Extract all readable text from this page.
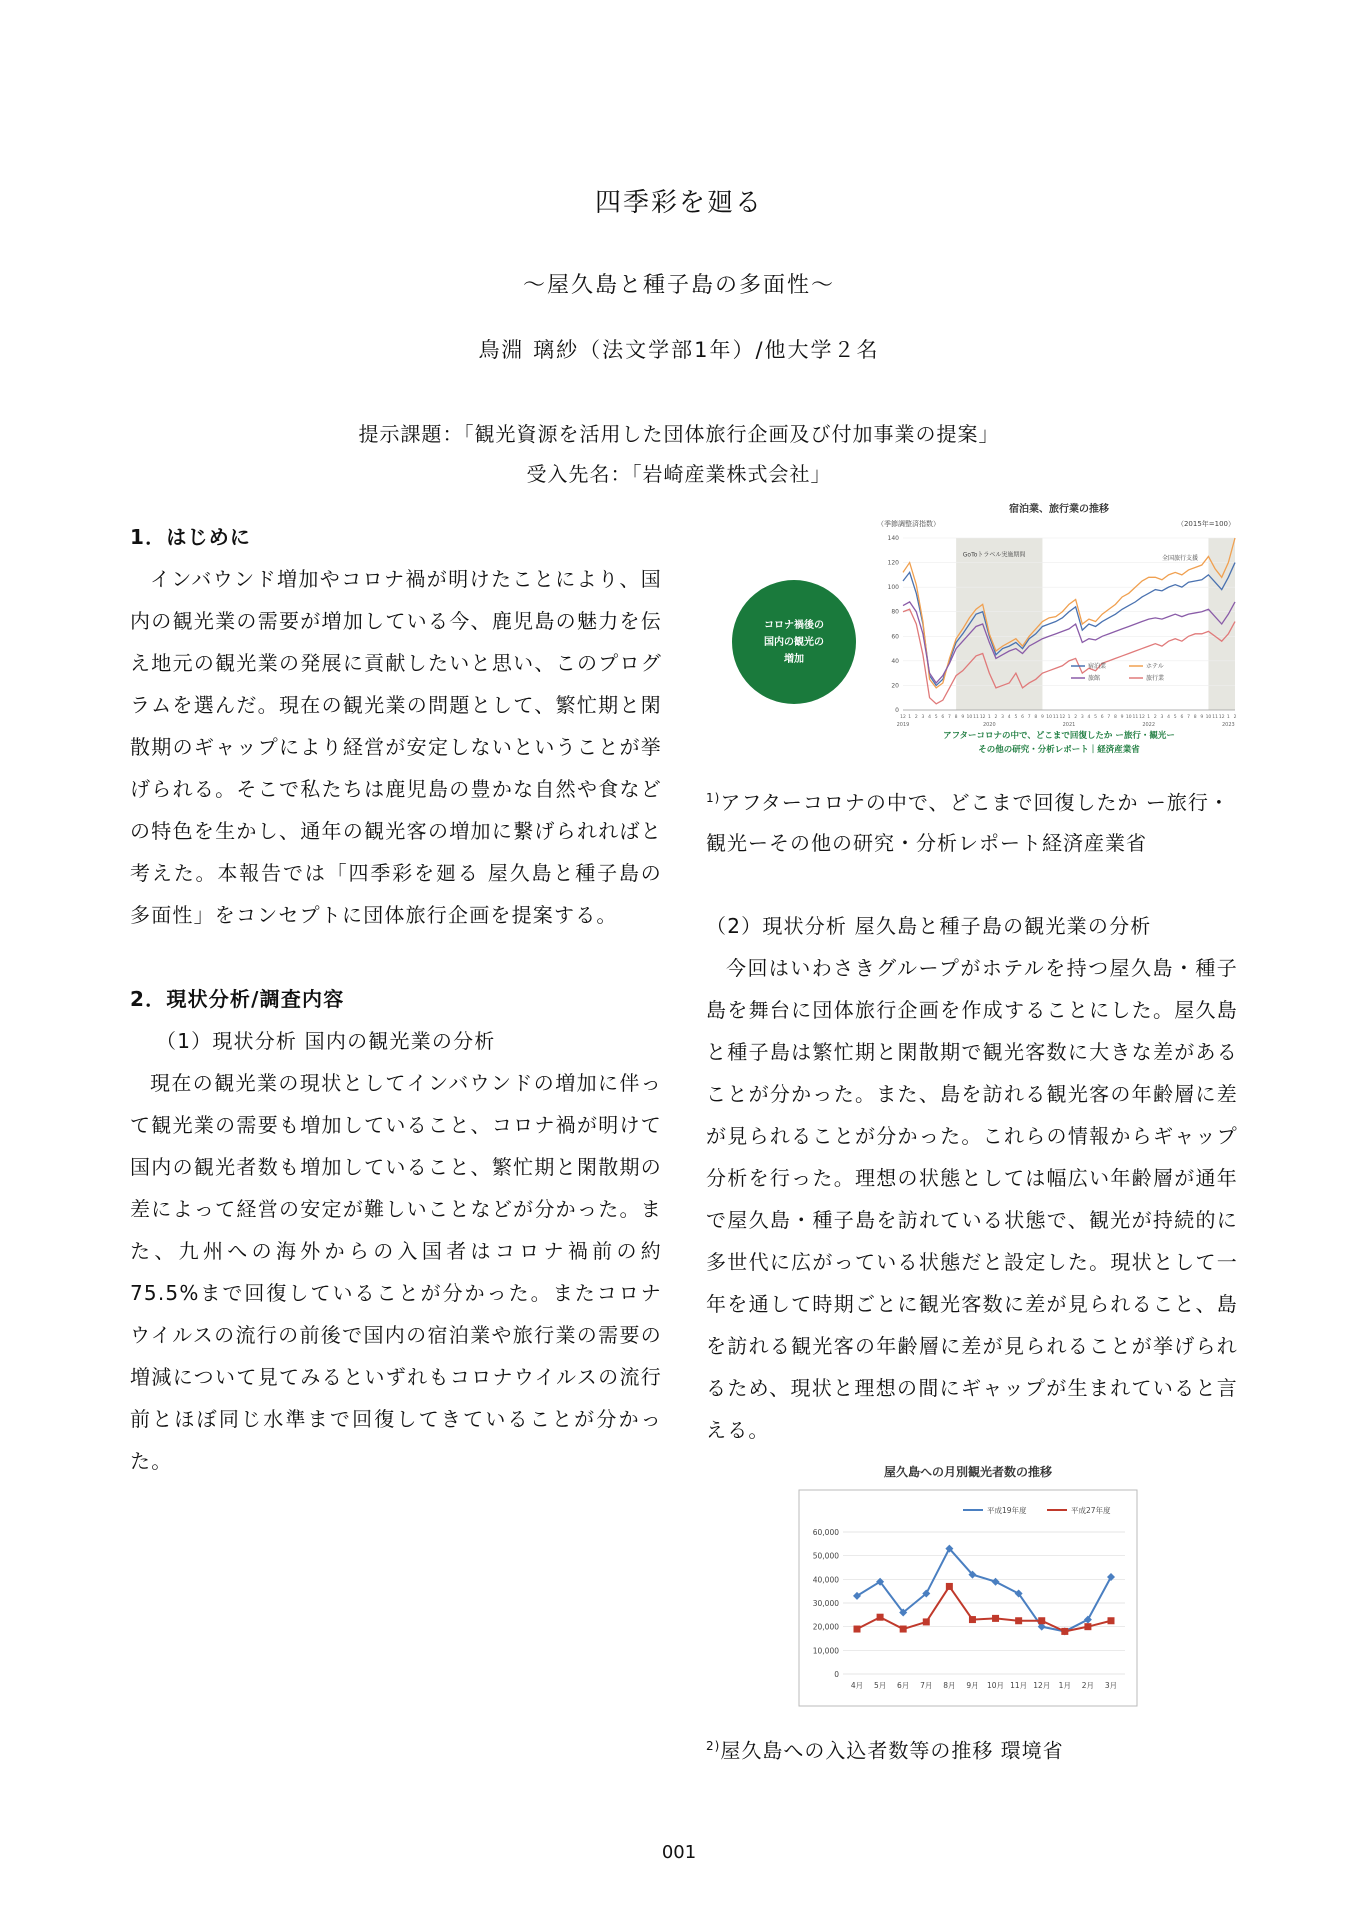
四季彩を廻る
〜屋久島と種子島の多面性〜
鳥淵 璃紗（法文学部1年）/他大学２名
提示課題：「観光資源を活用した団体旅行企画及び付加事業の提案」
受入先名：「岩崎産業株式会社」
1．はじめに
インバウンド増加やコロナ禍が明けたことにより、国内の観光業の需要が増加している今、鹿児島の魅力を伝え地元の観光業の発展に貢献したいと思い、このプログラムを選んだ。現在の観光業の問題として、繁忙期と閑散期のギャップにより経営が安定しないということが挙げられる。そこで私たちは鹿児島の豊かな自然や食などの特色を生かし、通年の観光客の増加に繋げられればと考えた。本報告では「四季彩を廻る 屋久島と種子島の多面性」をコンセプトに団体旅行企画を提案する。
2．現状分析/調査内容
（1）現状分析 国内の観光業の分析
現在の観光業の現状としてインバウンドの増加に伴って観光業の需要も増加していること、コロナ禍が明けて国内の観光者数も増加していること、繁忙期と閑散期の差によって経営の安定が難しいことなどが分かった。また、九州への海外からの入国者はコロナ禍前の約 75.5%まで回復していることが分かった。またコロナウイルスの流行の前後で国内の宿泊業や旅行業の需要の増減について見てみるといずれもコロナウイルスの流行前とほぼ同じ水準まで回復してきていることが分かった。
コロナ禍後の
国内の観光の
増加
宿泊業、旅行業の推移
（季節調整済指数）	（2015年=100）
GoToトラベル実施期間
全国旅行支援
0
20
40
60
80
100
120
140
12 1 2 3 4 5 6 7 8 9 10 11 12 1 2 3 4 5 6 7 8 9 10 11 12 1 2 3 4 5 6 7 8 9 10 11 12 1 2 3 4 5 6 7 8 9 10 11 12 1 2
2019	2020	2021	2022	2023
宿泊業	ホテル
旅館	旅行業
アフターコロナの中で、どこまで回復したか ー旅行・観光ー
その他の研究・分析レポート｜経済産業省
$^{1)}$アフターコロナの中で、どこまで回復したか ー旅行・観光ーその他の研究・分析レポート経済産業省
（2）現状分析 屋久島と種子島の観光業の分析
今回はいわさきグループがホテルを持つ屋久島・種子島を舞台に団体旅行企画を作成することにした。屋久島と種子島は繁忙期と閑散期で観光客数に大きな差があることが分かった。また、島を訪れる観光客の年齢層に差が見られることが分かった。これらの情報からギャップ分析を行った。理想の状態としては幅広い年齢層が通年で屋久島・種子島を訪れている状態で、観光が持続的に多世代に広がっている状態だと設定した。現状として一年を通して時期ごとに観光客数に差が見られること、島を訪れる観光客の年齢層に差が見られることが挙げられるため、現状と理想の間にギャップが生まれていると言える。
屋久島への月別観光者数の推移
0
10,000
20,000
30,000
40,000
50,000
60,000
4月 5月 6月 7月 8月 9月 10月 11月 12月 1月 2月 3月
平成19年度	平成27年度
$^{2)}$屋久島への入込者数等の推移 環境省
001
